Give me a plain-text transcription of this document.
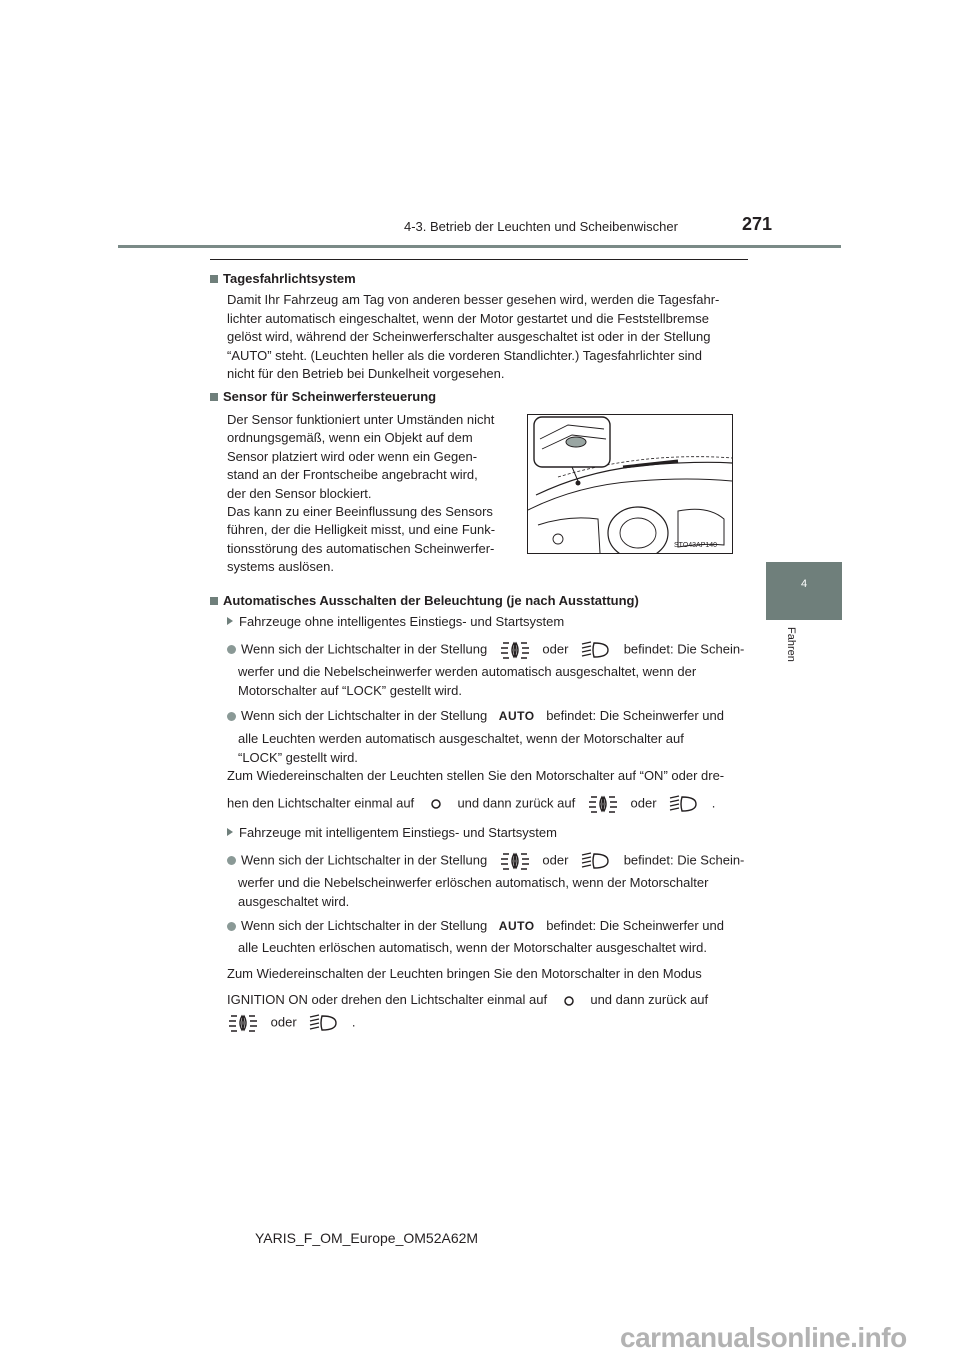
4-3. Betrieb der Leuchten und Scheibenwischer	271
4
Fahren
Tagesfahrlichtsystem
Damit Ihr Fahrzeug am Tag von anderen besser gesehen wird, werden die Tagesfahr-
lichter automatisch eingeschaltet, wenn der Motor gestartet und die Feststellbremse
gelöst wird, während der Scheinwerferschalter ausgeschaltet ist oder in der Stellung
“AUTO” steht. (Leuchten heller als die vorderen Standlichter.) Tagesfahrlichter sind
nicht für den Betrieb bei Dunkelheit vorgesehen.
Sensor für Scheinwerfersteuerung
Der Sensor funktioniert unter Umständen nicht
ordnungsgemäß, wenn ein Objekt auf dem
Sensor platziert wird oder wenn ein Gegen-
stand an der Frontscheibe angebracht wird,
der den Sensor blockiert.
Das kann zu einer Beeinflussung des Sensors
führen, der die Helligkeit misst, und eine Funk-
tionsstörung des automatischen Scheinwerfer-
systems auslösen.
STO43AP140
Automatisches Ausschalten der Beleuchtung (je nach Ausstattung)
Fahrzeuge ohne intelligentes Einstiegs- und Startsystem
Wenn sich der Lichtschalter in der Stellung	oder	befindet: Die Schein-
werfer und die Nebelscheinwerfer werden automatisch ausgeschaltet, wenn der
Motorschalter auf “LOCK” gestellt wird.
Wenn sich der Lichtschalter in der Stellung AUTO befindet: Die Scheinwerfer und
alle Leuchten werden automatisch ausgeschaltet, wenn der Motorschalter auf
“LOCK” gestellt wird.
Zum Wiedereinschalten der Leuchten stellen Sie den Motorschalter auf “ON” oder dre-
hen den Lichtschalter einmal auf	und dann zurück auf	oder	.
Fahrzeuge mit intelligentem Einstiegs- und Startsystem
Wenn sich der Lichtschalter in der Stellung	oder	befindet: Die Schein-
werfer und die Nebelscheinwerfer erlöschen automatisch, wenn der Motorschalter
ausgeschaltet wird.
Wenn sich der Lichtschalter in der Stellung AUTO befindet: Die Scheinwerfer und
alle Leuchten erlöschen automatisch, wenn der Motorschalter ausgeschaltet wird.
Zum Wiedereinschalten der Leuchten bringen Sie den Motorschalter in den Modus
IGNITION ON oder drehen den Lichtschalter einmal auf	und dann zurück auf
oder	.
YARIS_F_OM_Europe_OM52A62M
carmanualsonline.info
